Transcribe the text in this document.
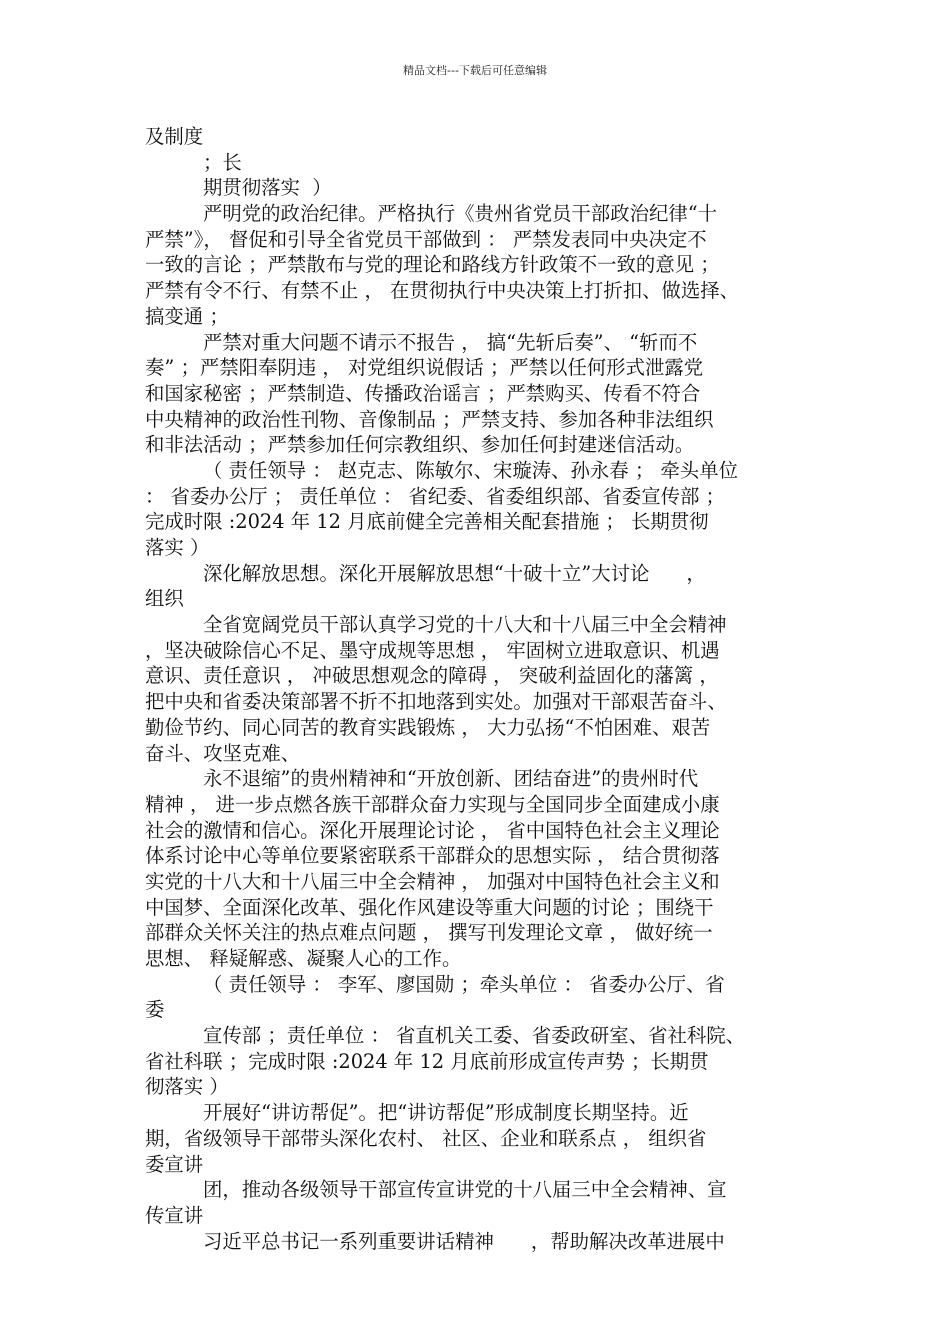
精品文档---下载后可任意编辑
及制度
；长
期贯彻落实  ）
严明党的政治纪律。严格执行《贵州省党员干部政治纪律“十
严禁”》， 督促和引导全省党员干部做到 ： 严禁发表同中央决定不
一致的言论 ；严禁散布与党的理论和路线方针政策不一致的意见 ；
严禁有令不行、有禁不止 ， 在贯彻执行中央决策上打折扣、做选择、
搞变通 ；
严禁对重大问题不请示不报告 ， 搞“先斩后奏”、 “斩而不
奏” ；严禁阳奉阴违 ， 对党组织说假话 ；严禁以任何形式泄露党
和国家秘密 ；严禁制造、传播政治谣言 ；严禁购买、传看不符合
中央精神的政治性刊物、音像制品 ；严禁支持、参加各种非法组织
和非法活动 ；严禁参加任何宗教组织、参加任何封建迷信活动。
（ 责任领导 ： 赵克志、陈敏尔、宋璇涛、孙永春 ； 牵头单位
： 省委办公厅 ； 责任单位 ： 省纪委、省委组织部、省委宣传部 ；
完成时限 :2024 年 12 月底前健全完善相关配套措施 ； 长期贯彻
落实 ）
深化解放思想。深化开展解放思想“十破十立”大讨论      ，
组织
全省宽阔党员干部认真学习党的十八大和十八届三中全会精神
，坚决破除信心不足、墨守成规等思想 ， 牢固树立进取意识、机遇
意识、责任意识 ， 冲破思想观念的障碍 ， 突破利益固化的藩篱 ，
把中央和省委决策部署不折不扣地落到实处。加强对干部艰苦奋斗、
勤俭节约、同心同苦的教育实践锻炼 ， 大力弘扬“不怕困难、艰苦
奋斗、攻坚克难、
永不退缩”的贵州精神和“开放创新、团结奋进”的贵州时代
精神 ， 进一步点燃各族干部群众奋力实现与全国同步全面建成小康
社会的激情和信心。深化开展理论讨论 ， 省中国特色社会主义理论
体系讨论中心等单位要紧密联系干部群众的思想实际 ， 结合贯彻落
实党的十八大和十八届三中全会精神 ， 加强对中国特色社会主义和
中国梦、全面深化改革、强化作风建设等重大问题的讨论 ；围绕干
部群众关怀关注的热点难点问题 ， 撰写刊发理论文章 ， 做好统一
思想、 释疑解惑、凝聚人心的工作。
（ 责任领导 ： 李军、廖国勋 ；牵头单位 ： 省委办公厅、省
委
宣传部 ；责任单位 ： 省直机关工委、省委政研室、省社科院、
省社科联 ；完成时限 :2024 年 12 月底前形成宣传声势 ；长期贯
彻落实 ）
开展好“讲访帮促”。把“讲访帮促”形成制度长期坚持。近
期，省级领导干部带头深化农村、 社区、企业和联系点 ， 组织省
委宣讲
团，推动各级领导干部宣传宣讲党的十八届三中全会精神、宣
传宣讲
习近平总书记一系列重要讲话精神      ，帮助解决改革进展中
